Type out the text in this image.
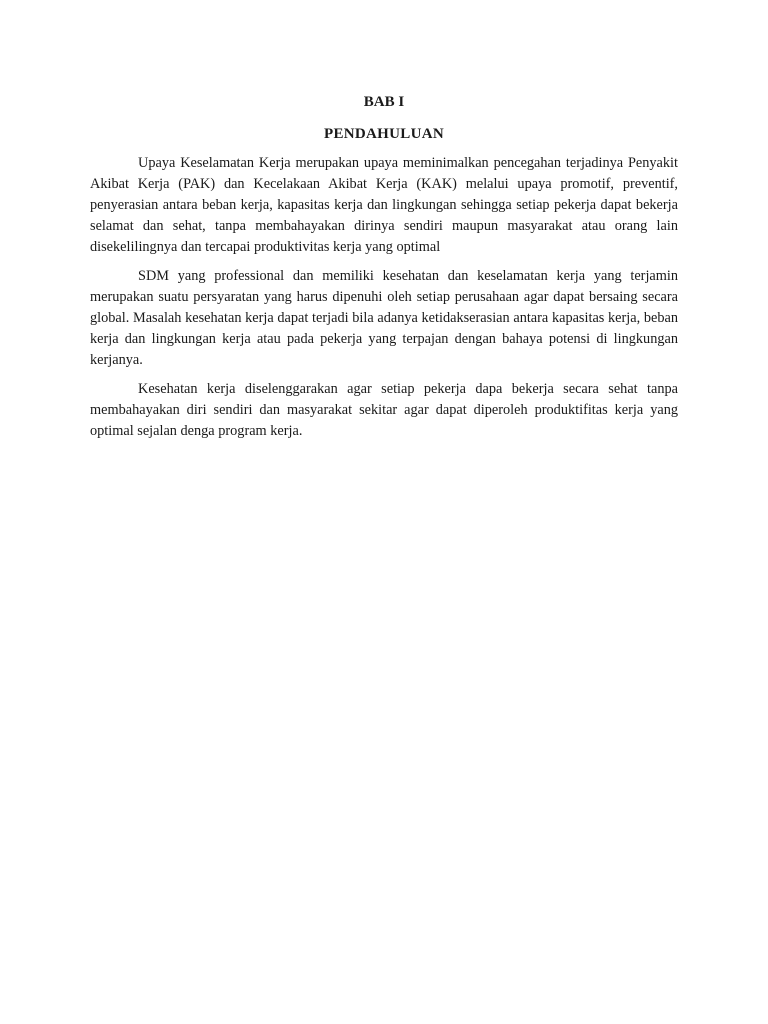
BAB I

PENDAHULUAN

Upaya Keselamatan Kerja merupakan upaya meminimalkan pencegahan terjadinya Penyakit Akibat Kerja (PAK) dan Kecelakaan Akibat Kerja (KAK) melalui upaya promotif, preventif, penyerasian antara beban kerja, kapasitas kerja dan lingkungan sehingga setiap pekerja dapat bekerja selamat dan sehat, tanpa membahayakan dirinya sendiri maupun masyarakat atau orang lain disekelilingnya dan tercapai produktivitas kerja yang optimal

SDM yang professional dan memiliki kesehatan dan keselamatan kerja yang terjamin merupakan suatu persyaratan yang harus dipenuhi oleh setiap perusahaan agar dapat bersaing secara global. Masalah kesehatan kerja dapat terjadi bila adanya ketidakserasian antara kapasitas kerja, beban kerja dan lingkungan kerja atau pada pekerja yang terpajan dengan bahaya potensi di lingkungan kerjanya.

Kesehatan kerja diselenggarakan agar setiap pekerja dapa bekerja secara sehat tanpa membahayakan diri sendiri dan masyarakat sekitar agar dapat diperoleh produktifitas kerja yang optimal sejalan denga program kerja.
